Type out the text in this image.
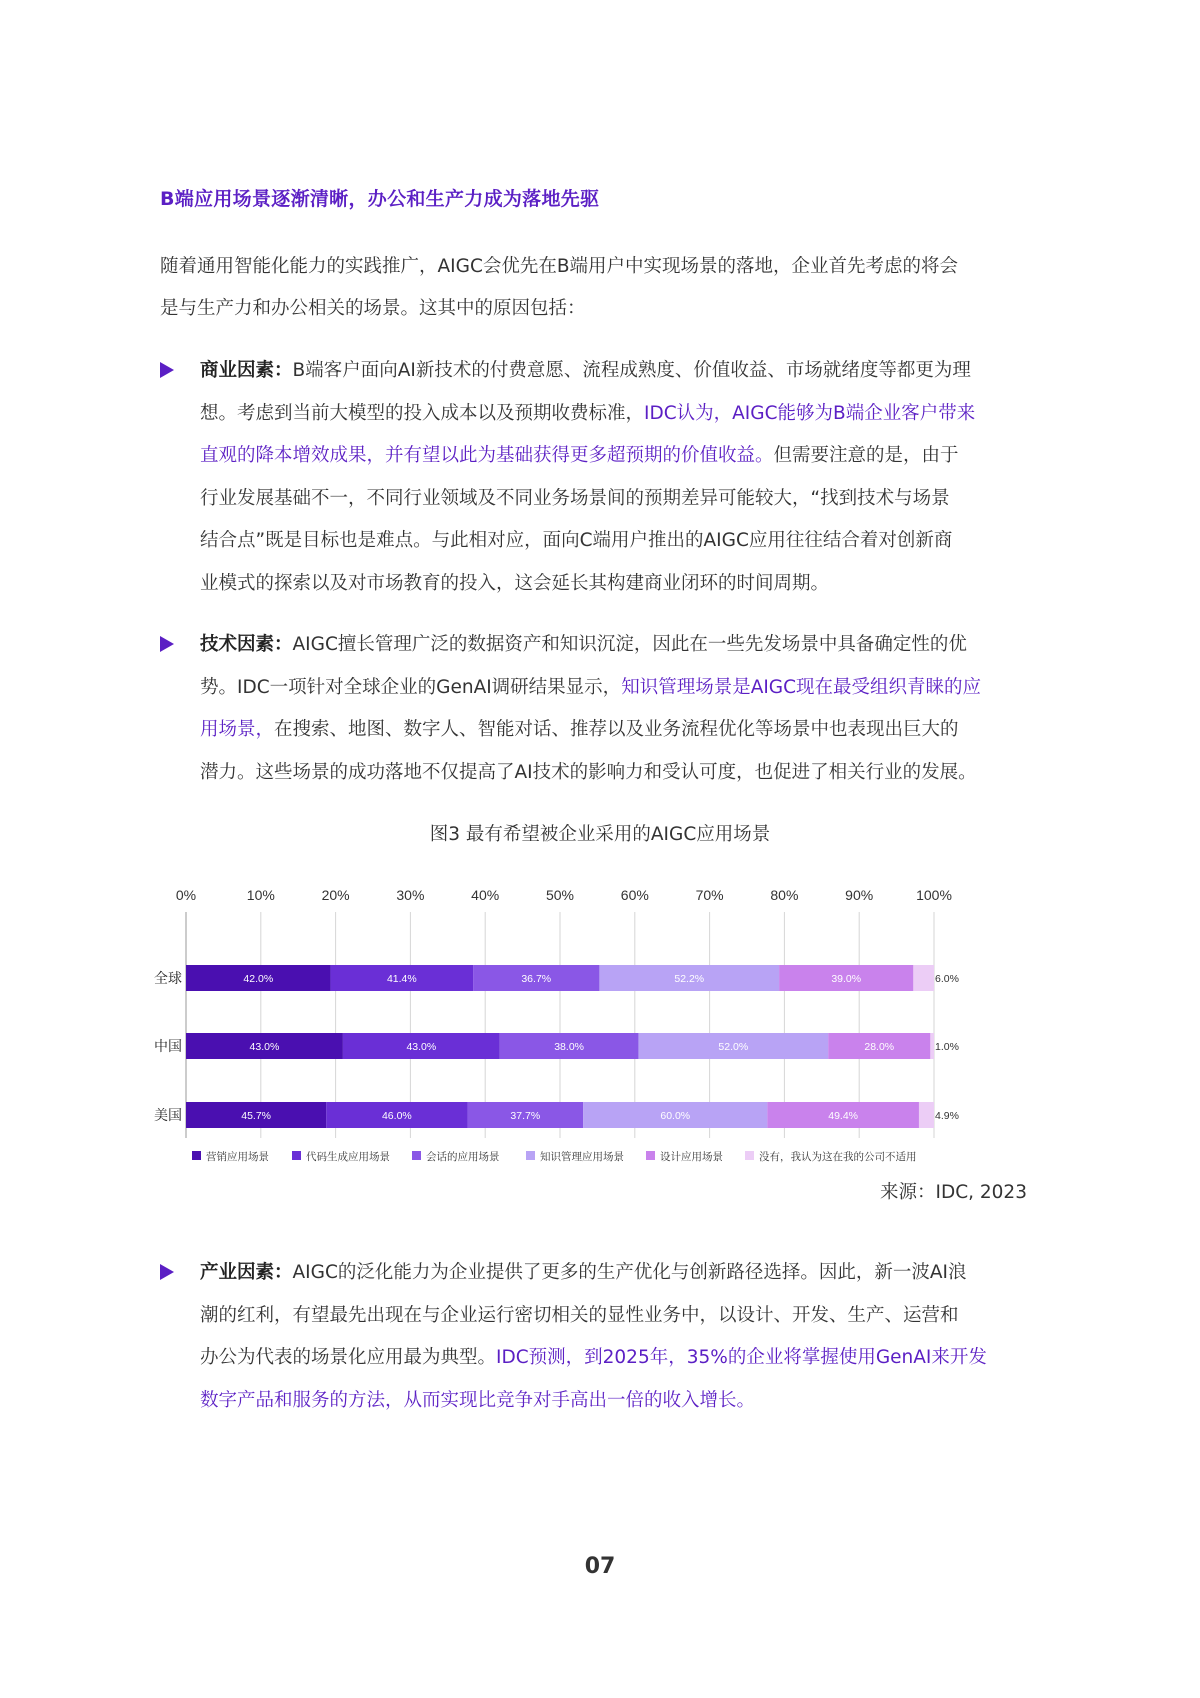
B端应用场景逐渐清晰，办公和生产力成为落地先驱
随着通用智能化能力的实践推广，AIGC会优先在B端用户中实现场景的落地，企业首先考虑的将会
是与生产力和办公相关的场景。这其中的原因包括：
商业因素：B端客户面向AI新技术的付费意愿、流程成熟度、价值收益、市场就绪度等都更为理
想。考虑到当前大模型的投入成本以及预期收费标准，IDC认为，AIGC能够为B端企业客户带来
直观的降本增效成果，并有望以此为基础获得更多超预期的价值收益。但需要注意的是，由于
行业发展基础不一，不同行业领域及不同业务场景间的预期差异可能较大，“找到技术与场景
结合点”既是目标也是难点。与此相对应，面向C端用户推出的AIGC应用往往结合着对创新商
业模式的探索以及对市场教育的投入，这会延长其构建商业闭环的时间周期。
技术因素：AIGC擅长管理广泛的数据资产和知识沉淀，因此在一些先发场景中具备确定性的优
势。IDC一项针对全球企业的GenAI调研结果显示，知识管理场景是AIGC现在最受组织青睐的应
用场景，在搜索、地图、数字人、智能对话、推荐以及业务流程优化等场景中也表现出巨大的
潜力。这些场景的成功落地不仅提高了AI技术的影响力和受认可度，也促进了相关行业的发展。
图3 最有希望被企业采用的AIGC应用场景
0%	10%	20%	30%	40%	50%	60%	70%	80%	90%	100%
全球	42.0%	41.4%	36.7%	52.2%	39.0%	6.0%
中国	43.0%	43.0%	38.0%	52.0%	28.0%	1.0%
美国	45.7%	46.0%	37.7%	60.0%	49.4%	4.9%
营销应用场景	代码生成应用场景	会话的应用场景	知识管理应用场景	设计应用场景	没有，我认为这在我的公司不适用
来源：IDC, 2023
产业因素：AIGC的泛化能力为企业提供了更多的生产优化与创新路径选择。因此，新一波AI浪
潮的红利，有望最先出现在与企业运行密切相关的显性业务中，以设计、开发、生产、运营和
办公为代表的场景化应用最为典型。IDC预测，到2025年，35%的企业将掌握使用GenAI来开发
数字产品和服务的方法，从而实现比竞争对手高出一倍的收入增长。
07
